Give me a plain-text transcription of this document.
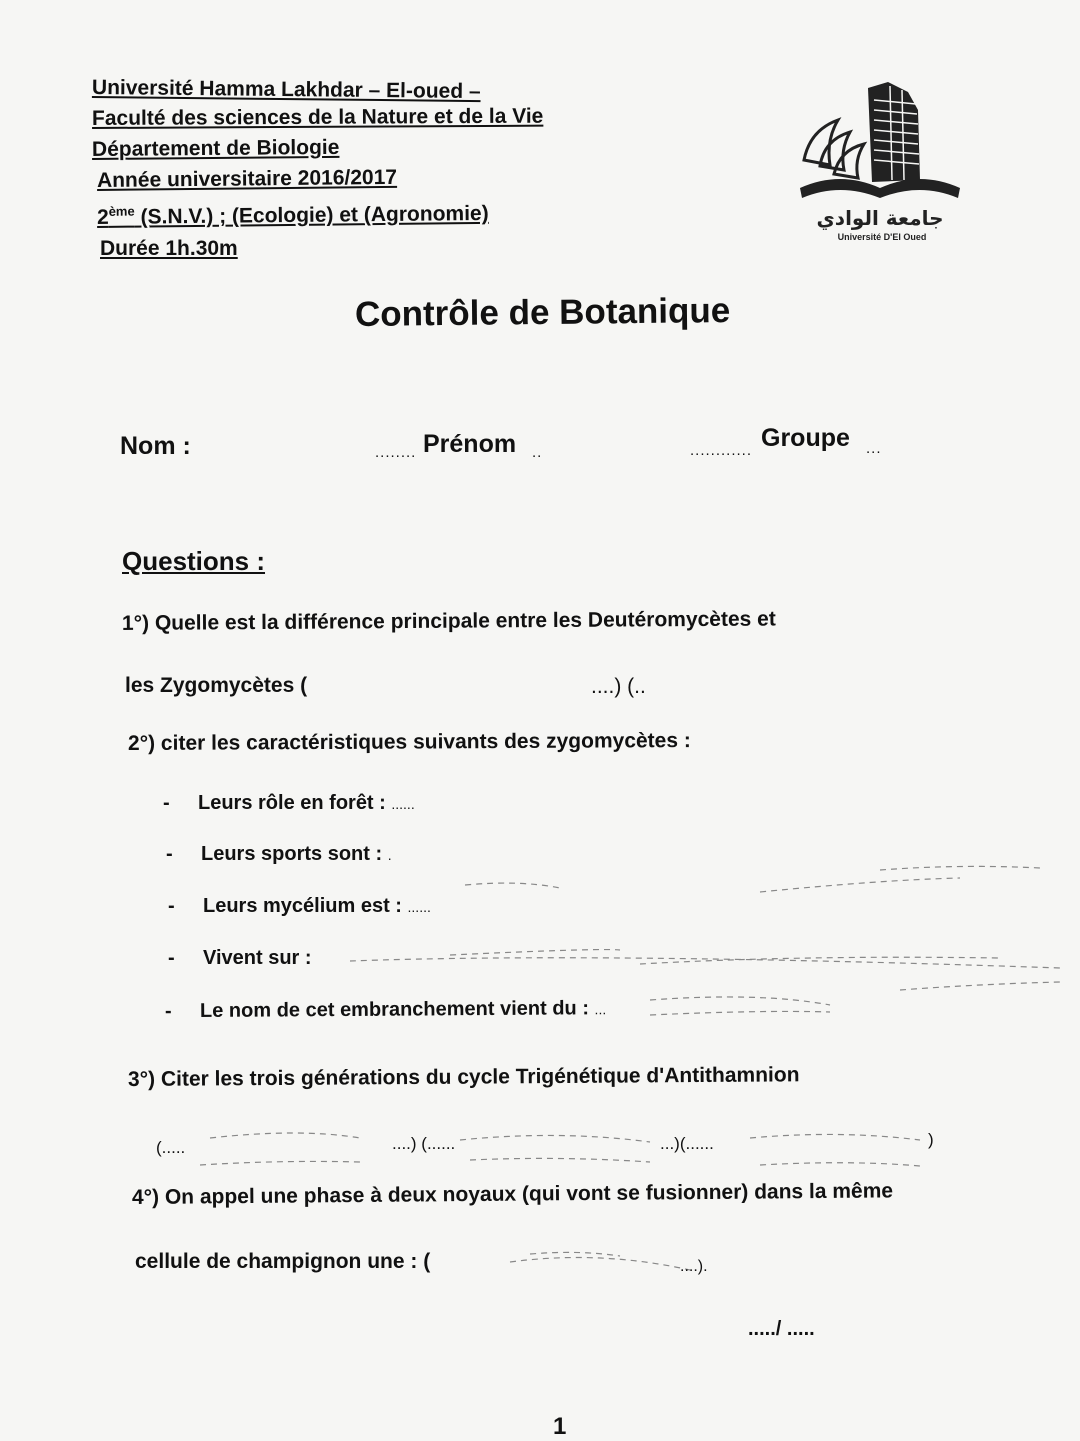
Université Hamma Lakhdar – El-oued –
Faculté des sciences de la Nature et de la Vie
Département de Biologie
Année universitaire 2016/2017
2ème (S.N.V.) ; (Ecologie) et (Agronomie)
Durée 1h.30m
جامعة الوادي
Université D'El Oued
Contrôle de Botanique
Nom :	........ Prénom ..	............ Groupe ...
Questions :
1°) Quelle est la différence principale entre les Deutéromycètes et
les Zygomycètes (	....) (..
2°) citer les caractéristiques suivants des zygomycètes :
- Leurs rôle en forêt : ......
- Leurs sports sont : .
- Leurs mycélium est : ......
- Vivent sur :
- Le nom de cet embranchement vient du : ...
3°) Citer les trois générations du cycle Trigénétique d'Antithamnion
(.....	....) (......	...)(......	)
4°) On appel une phase à deux noyaux (qui vont se fusionner) dans la même
cellule de champignon une : (	....).
...../ .....
1
